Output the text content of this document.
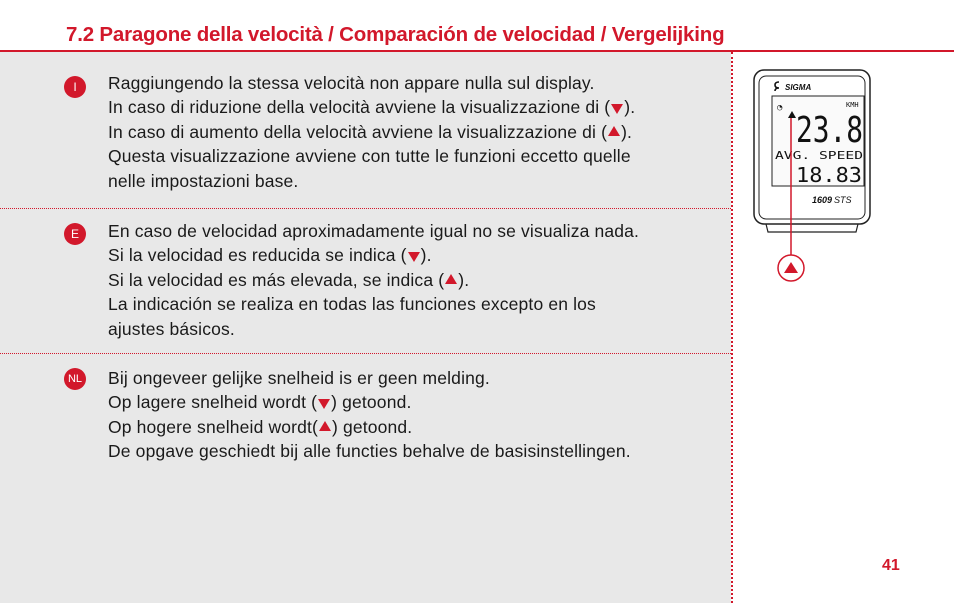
7.2 Paragone della velocità / Comparación de velocidad / Vergelijking
I	Raggiungendo la stessa velocità non appare nulla sul display.
In caso di riduzione della velocità avviene la visualizzazione di ( ).
In caso di aumento della velocità avviene la visualizzazione di ( ).
Questa visualizzazione avviene con tutte le funzioni eccetto quelle
nelle impostazioni base.
E	En caso de velocidad aproximadamente igual no se visualiza nada.
Si la velocidad es reducida se indica ( ).
Si la velocidad es más elevada, se indica ( ).
La indicación se realiza en todas las funciones excepto en los
ajustes básicos.
NL Bij ongeveer gelijke snelheid is er geen melding.
Op lagere snelheid wordt ( ) getoond.
Op hogere snelheid wordt( ) getoond.
De opgave geschiedt bij alle functies behalve de basisinstellingen.
SIGMA
◔	KMH
23.8
AVG. SPEED
18.83
1609 STS
41
